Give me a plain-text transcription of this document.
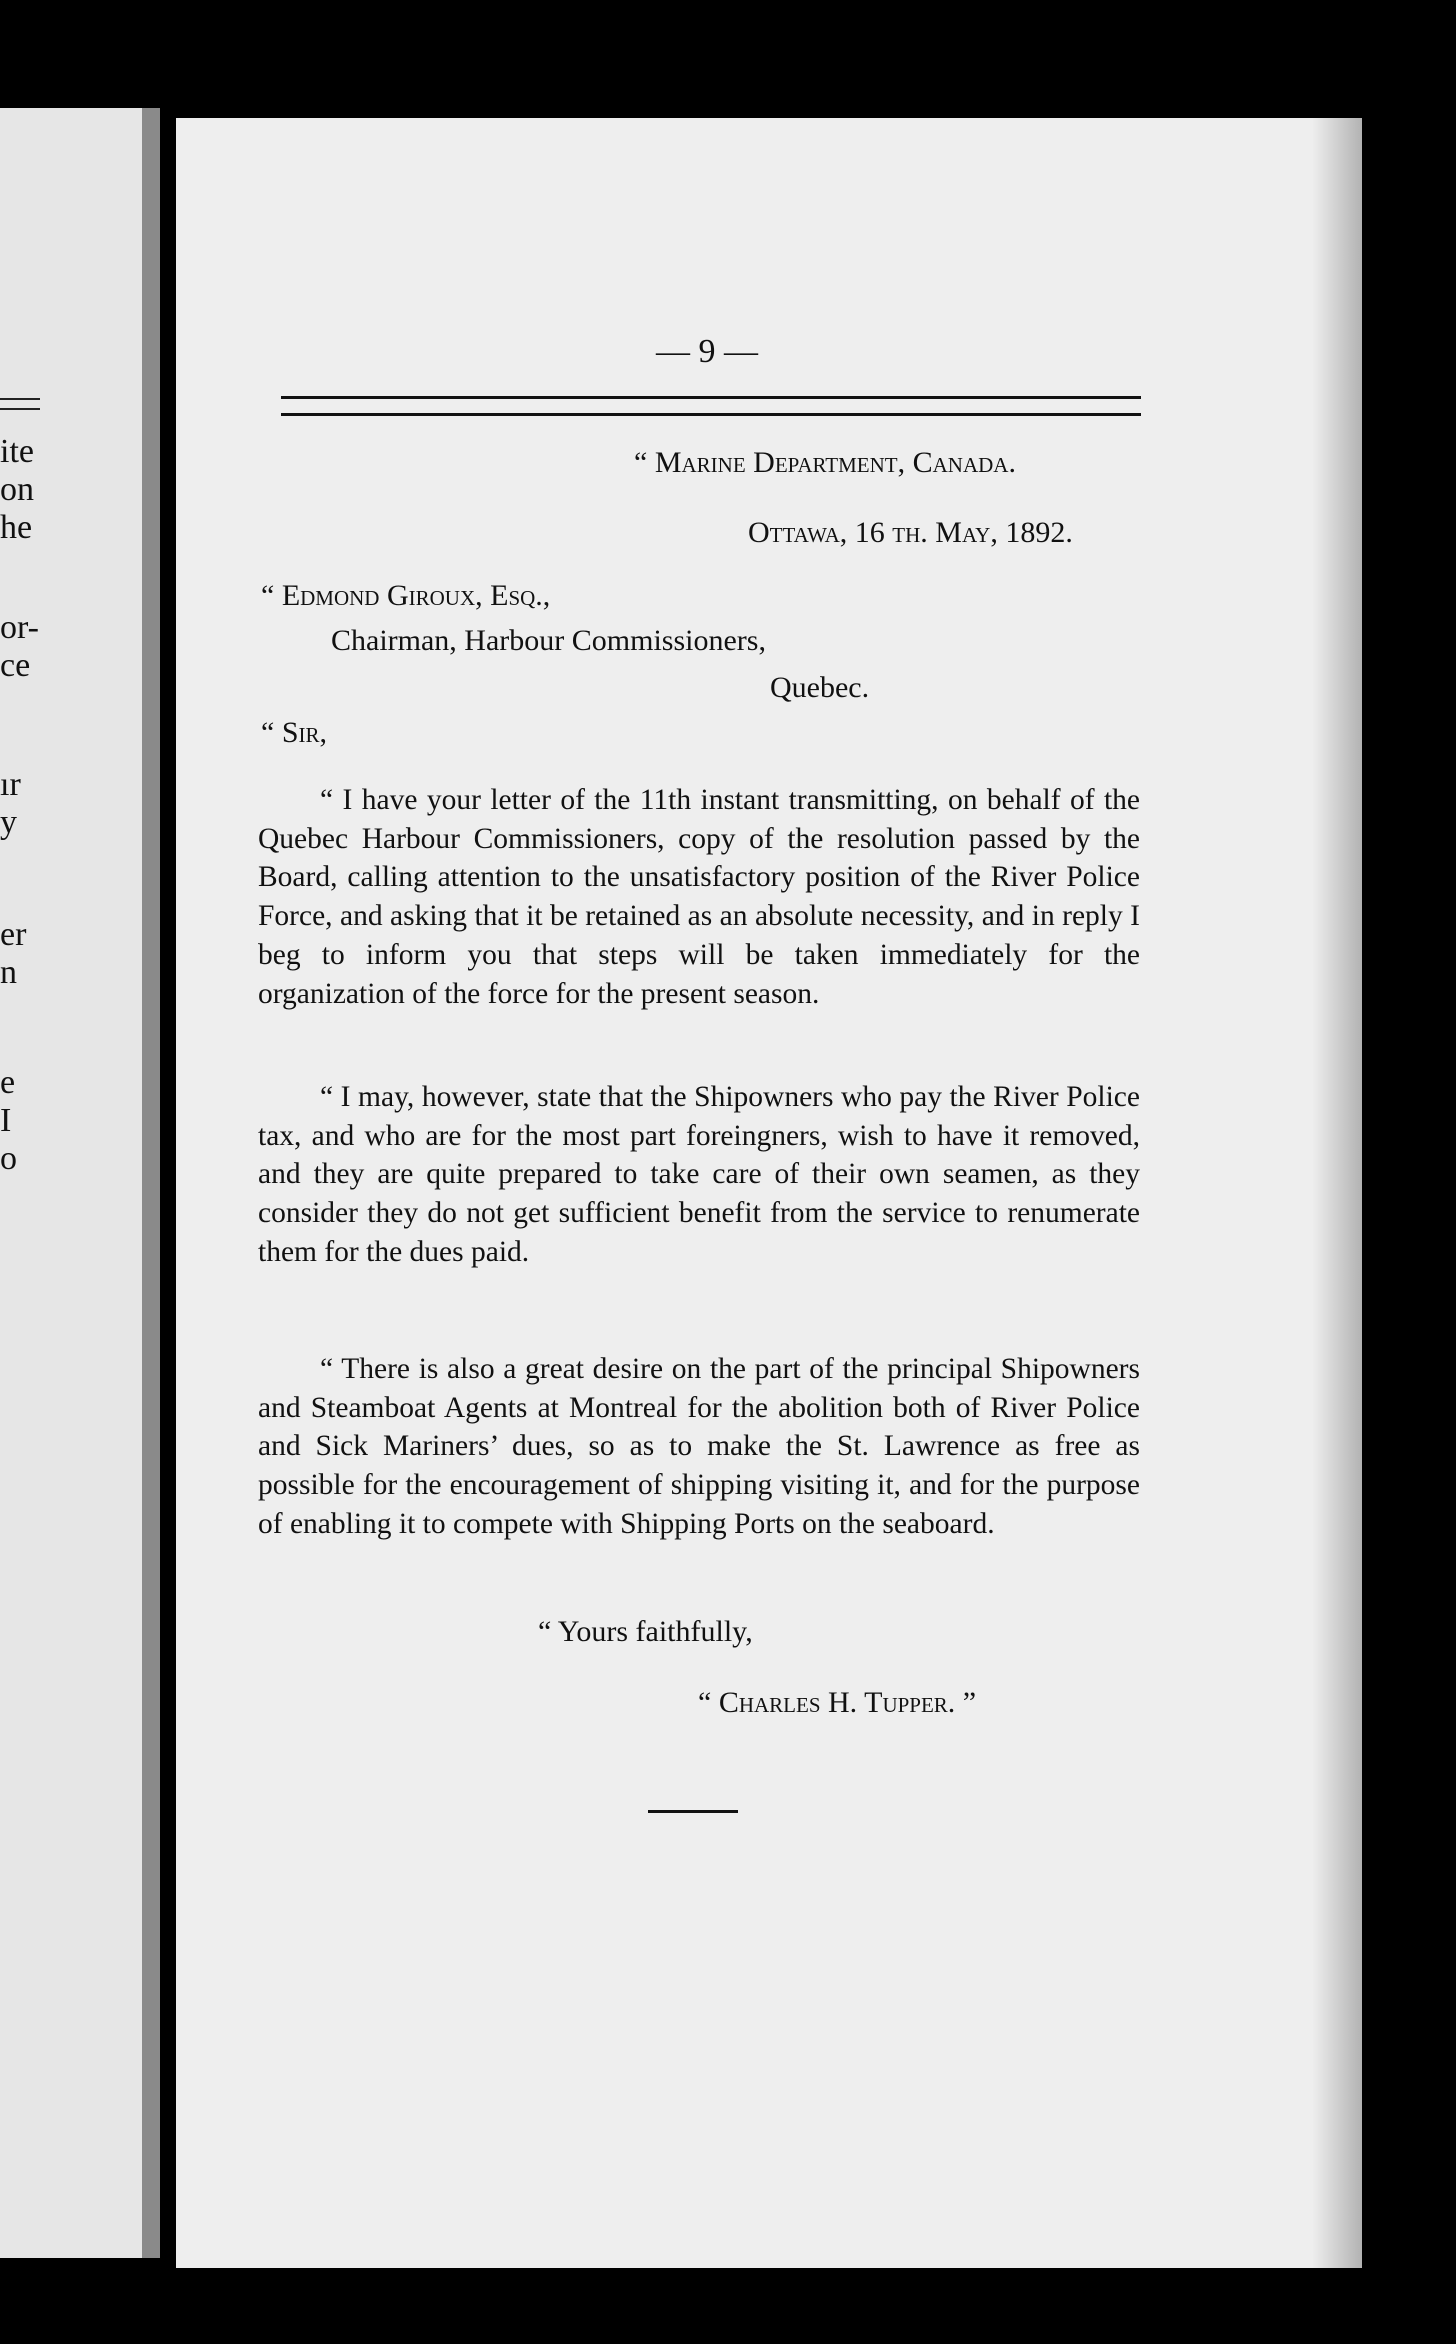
ite
on
he
or-
ce
ır
y
er
n
e
I
o
— 9 —
“ Marine Department, Canada.
Ottawa, 16 th. May, 1892.
“ Edmond Giroux, Esq.,
Chairman, Harbour Commissioners,
Quebec.
“ Sir,
“ I have your letter of the 11th instant transmitting, on behalf of the Quebec Harbour Commissioners, copy of the resolution passed by the Board, calling attention to the unsatisfactory position of the River Police Force, and asking that it be retained as an absolute necessity, and in reply I beg to inform you that steps will be taken immediately for the organization of the force for the present season.
“ I may, however, state that the Shipowners who pay the River Police tax, and who are for the most part foreingners, wish to have it removed, and they are quite prepared to take care of their own seamen, as they consider they do not get sufficient benefit from the service to renumerate them for the dues paid.
“ There is also a great desire on the part of the principal Shipowners and Steamboat Agents at Montreal for the abolition both of River Police and Sick Mariners’ dues, so as to make the St. Lawrence as free as possible for the encouragement of shipping visiting it, and for the purpose of enabling it to compete with Shipping Ports on the seaboard.
“ Yours faithfully,
“ Charles H. Tupper. ”
